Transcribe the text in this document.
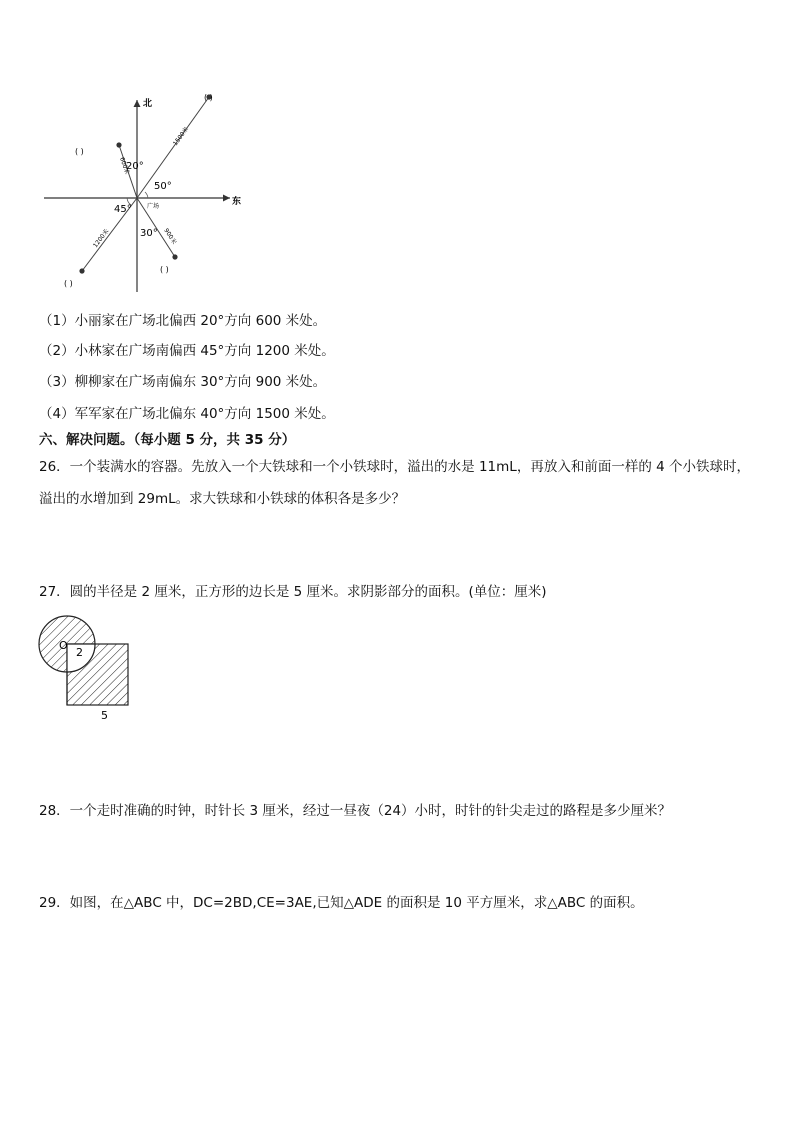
北
东
20°
50°
45°
30°
广场
1500米
600米
1200米	900米
( )
( )
( )
( )
（1）小丽家在广场北偏西 20°方向 600 米处。
（2）小林家在广场南偏西 45°方向 1200 米处。
（3）柳柳家在广场南偏东 30°方向 900 米处。
（4）军军家在广场北偏东 40°方向 1500 米处。
六、解决问题。（每小题 5 分，共 35 分）
26．一个装满水的容器。先放入一个大铁球和一个小铁球时，溢出的水是 11mL，再放入和前面一样的 4 个小铁球时，
溢出的水增加到 29mL。求大铁球和小铁球的体积各是多少？
27．圆的半径是 2 厘米，正方形的边长是 5 厘米。求阴影部分的面积。(单位：厘米)
O
2
5
28．一个走时准确的时钟，时针长 3 厘米，经过一昼夜（24）小时，时针的针尖走过的路程是多少厘米？
29．如图，在△ABC 中，DC=2BD,CE=3AE,已知△ADE 的面积是 10 平方厘米，求△ABC 的面积。
